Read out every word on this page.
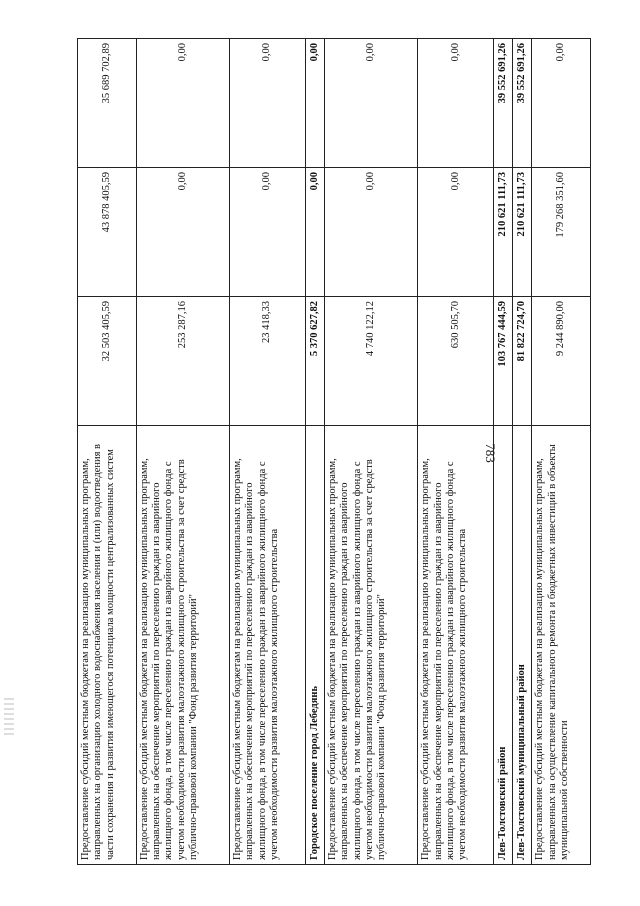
783
Предоставление субсидий местным бюджетам на реализацию муниципальных программ, направленных на организацию холодного водоснабжения населения и (или) водоотведения в части сохранения и развития имеющегося потенциала мощности централизованных систем	32 503 405,59	43 878 405,59	35 689 702,89
Предоставление субсидий местным бюджетам на реализацию муниципальных программ, направленных на обеспечение мероприятий по переселению граждан из аварийного жилищного фонда, в том числе переселению граждан из аварийного жилищного фонда с учетом необходимости развития малоэтажного жилищного строительства за счет средств публично-правовой компании "Фонд развития территорий"	253 287,16	0,00	0,00
Предоставление субсидий местным бюджетам на реализацию муниципальных программ, направленных на обеспечение мероприятий по переселению граждан из аварийного жилищного фонда, в том числе переселению граждан из аварийного жилищного фонда с учетом необходимости развития малоэтажного жилищного строительства	23 418,33	0,00	0,00
Городское поселение город Лебедянь	5 370 627,82	0,00	0,00
Предоставление субсидий местным бюджетам на реализацию муниципальных программ, направленных на обеспечение мероприятий по переселению граждан из аварийного жилищного фонда, в том числе переселению граждан из аварийного жилищного фонда с учетом необходимости развития малоэтажного жилищного строительства за счет средств публично-правовой компании "Фонд развития территорий"	4 740 122,12	0,00	0,00
Предоставление субсидий местным бюджетам на реализацию муниципальных программ, направленных на обеспечение мероприятий по переселению граждан из аварийного жилищного фонда, в том числе переселению граждан из аварийного жилищного фонда с учетом необходимости развития малоэтажного жилищного строительства	630 505,70	0,00	0,00
Лев-Толстовский район	103 767 444,59	210 621 111,73	39 552 691,26
Лев-Толстовский муниципальный район	81 822 724,70	210 621 111,73	39 552 691,26
Предоставление субсидий местным бюджетам на реализацию муниципальных программ, направленных на осуществление капитального ремонта и бюджетных инвестиций в объекты муниципальной собственности	9 244 890,00	179 268 351,60	0,00
